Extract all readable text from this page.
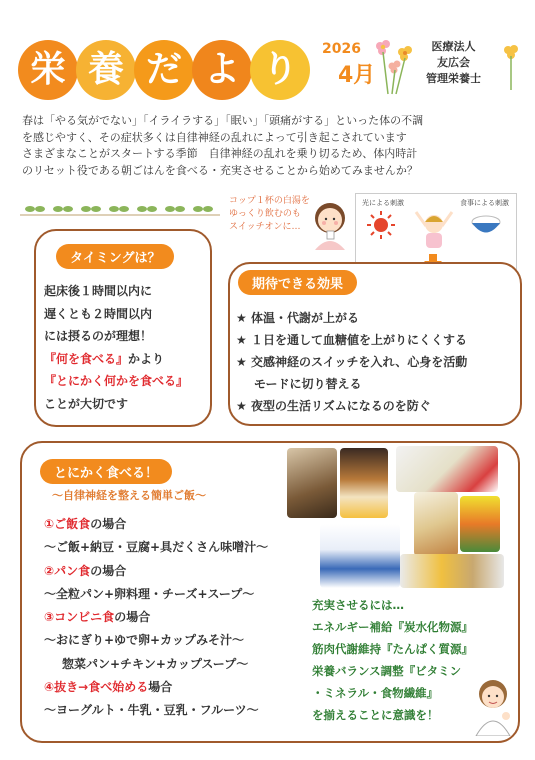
栄 養 だ よ り	2026
4月
医療法人
友広会
管理栄養士
春は「やる気がでない」「イライラする」「眠い」「頭痛がする」といった体の不調
を感じやすく、その症状多くは自律神経の乱れによって引き起こされています
さまざまなことがスタートする季節　自律神経の乱れを乗り切るため、体内時計
のリセット役である朝ごはんを食べる・充実させることから始めてみませんか？
コップ１杯の白湯を
ゆっくり飲むのも
スイッチオンに…
光による刺激	食事による刺激
タイミングは？
起床後１時間以内に
遅くとも２時間以内
には摂るのが理想！
『何を食べる』かより
『とにかく何かを食べる』
ことが大切です
期待できる効果
★ 体温・代謝が上がる
★ １日を通して血糖値を上がりにくくする
★ 交感神経のスイッチを入れ、心身を活動
モードに切り替える
★ 夜型の生活リズムになるのを防ぐ
とにかく食べる！
～自律神経を整える簡単ご飯～
①ご飯食の場合
～ご飯+納豆・豆腐+具だくさん味噌汁～
②パン食の場合
～全粒パン+卵料理・チーズ+スープ～
③コンビニ食の場合
～おにぎり+ゆで卵+カップみそ汁～
惣菜パン+チキン+カップスープ～
④抜き→食べ始める場合
～ヨーグルト・牛乳・豆乳・フルーツ～
充実させるには…
エネルギー補給『炭水化物源』
筋肉代謝維持『たんぱく質源』
栄養バランス調整『ビタミン
・ミネラル・食物繊維』
を揃えることに意識を！
